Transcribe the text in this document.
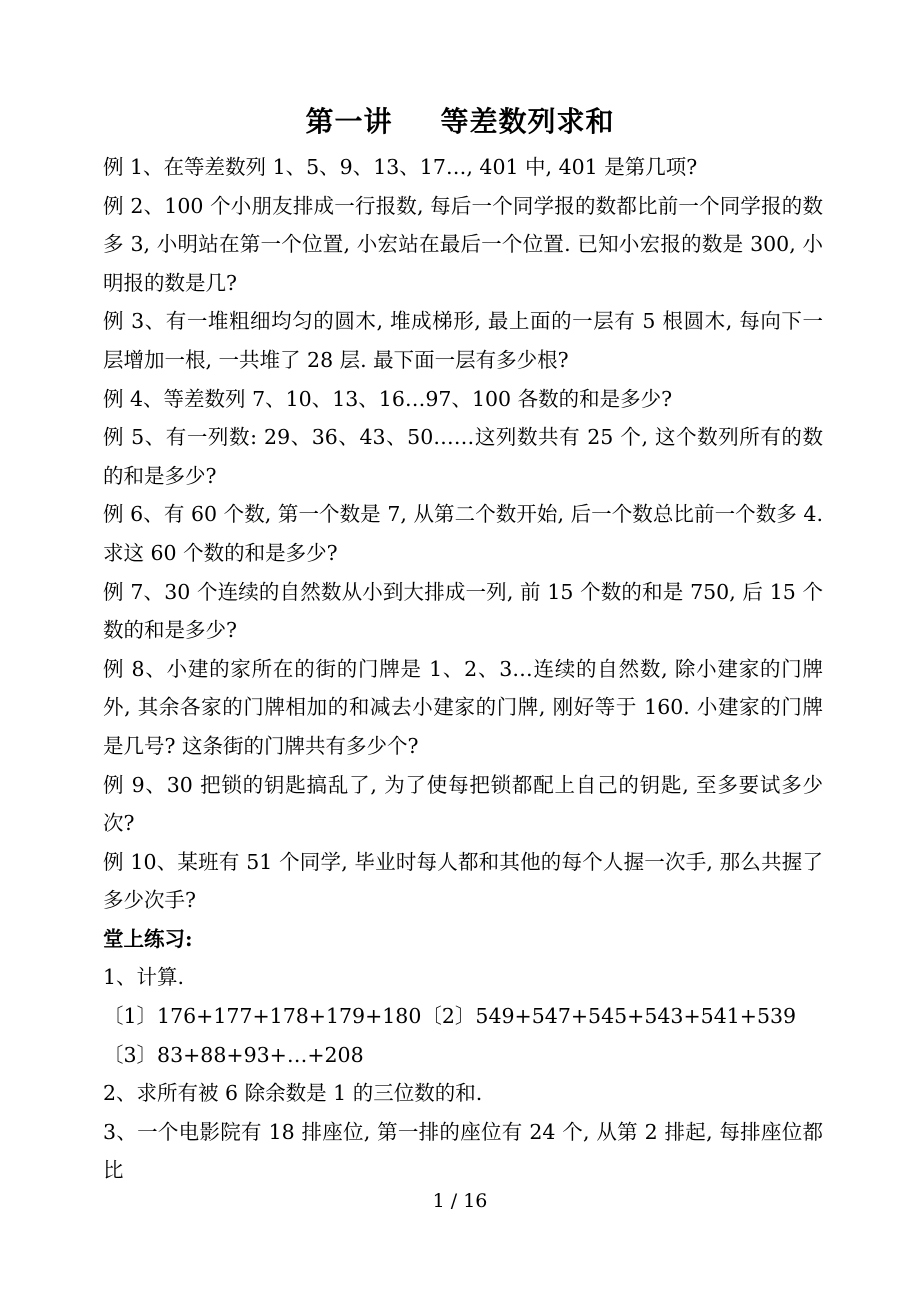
第一讲 等差数列求和

例 1、在等差数列 1、5、9、13、17…, 401 中, 401 是第几项?

例 2、100 个小朋友排成一行报数, 每后一个同学报的数都比前一个同学报的数多 3, 小明站在第一个位置, 小宏站在最后一个位置. 已知小宏报的数是 300, 小明报的数是几?

例 3、有一堆粗细均匀的圆木, 堆成梯形, 最上面的一层有 5 根圆木, 每向下一层增加一根, 一共堆了 28 层. 最下面一层有多少根?

例 4、等差数列 7、10、13、16…97、100 各数的和是多少?

例 5、有一列数: 29、36、43、50……这列数共有 25 个, 这个数列所有的数的和是多少?

例 6、有 60 个数, 第一个数是 7, 从第二个数开始, 后一个数总比前一个数多 4. 求这 60 个数的和是多少?

例 7、30 个连续的自然数从小到大排成一列, 前 15 个数的和是 750, 后 15 个数的和是多少?

例 8、小建的家所在的街的门牌是 1、2、3…连续的自然数, 除小建家的门牌外, 其余各家的门牌相加的和减去小建家的门牌, 刚好等于 160. 小建家的门牌是几号? 这条街的门牌共有多少个?

例 9、30 把锁的钥匙搞乱了, 为了使每把锁都配上自己的钥匙, 至多要试多少次?

例 10、某班有 51 个同学, 毕业时每人都和其他的每个人握一次手, 那么共握了多少次手?

堂上练习:

1、计算.

〔1〕176+177+178+179+180〔2〕549+547+545+543+541+539

〔3〕83+88+93+…+208

2、求所有被 6 除余数是 1 的三位数的和.

3、一个电影院有 18 排座位, 第一排的座位有 24 个, 从第 2 排起, 每排座位都比

1 / 16
